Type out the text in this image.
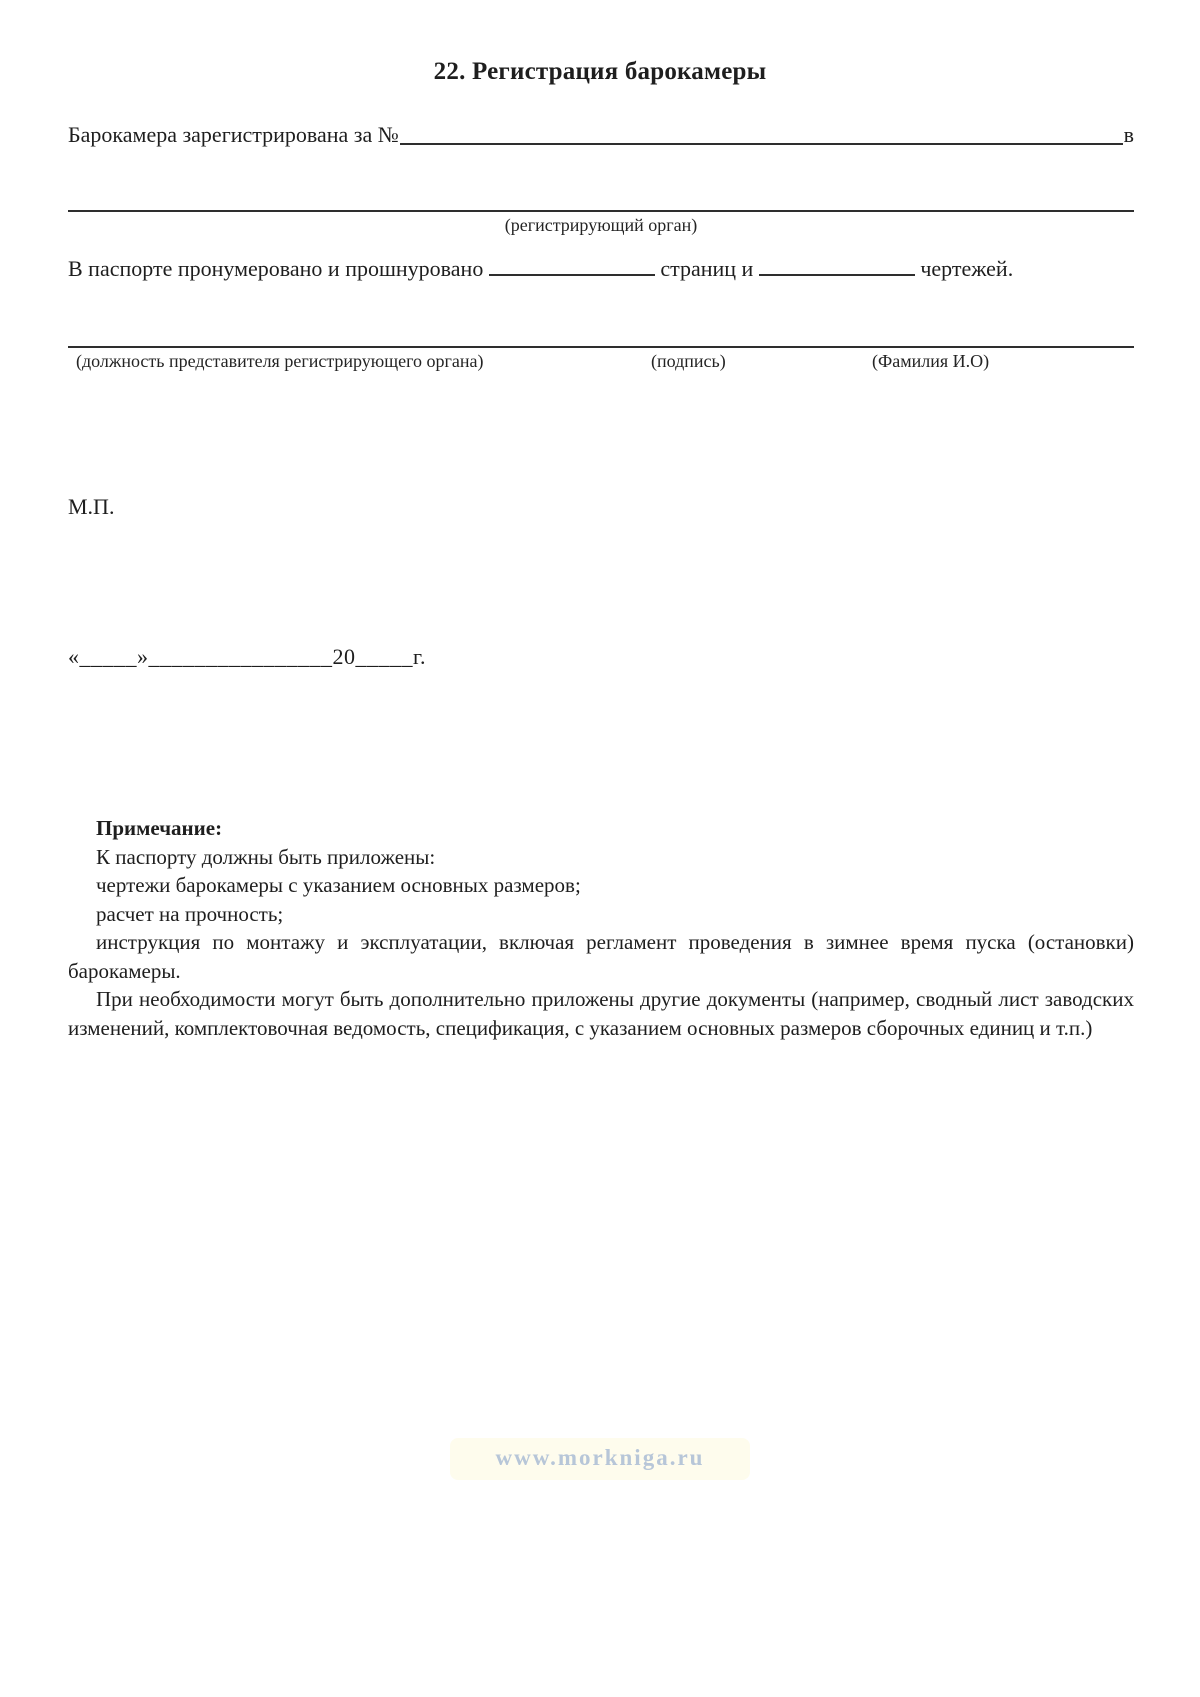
22. Регистрация барокамеры
Барокамера зарегистрирована за №	в
(регистрирующий орган)
В паспорте пронумеровано и прошнуровано	страниц и	чертежей.
(должность представителя регистрирующего органа)	(подпись)	(Фамилия И.О)
М.П.
«_____»________________20_____г.

Примечание:

К паспорту должны быть приложены:

чертежи барокамеры с указанием основных размеров;

расчет на прочность;

инструкция по монтажу и эксплуатации, включая регламент проведения в зимнее время пуска (остановки) барокамеры.

При необходимости могут быть дополнительно приложены другие документы (например, сводный лист заводских изменений, комплектовочная ведомость, спецификация, с указанием основных размеров сборочных единиц и т.п.)

www.morkniga.ru
